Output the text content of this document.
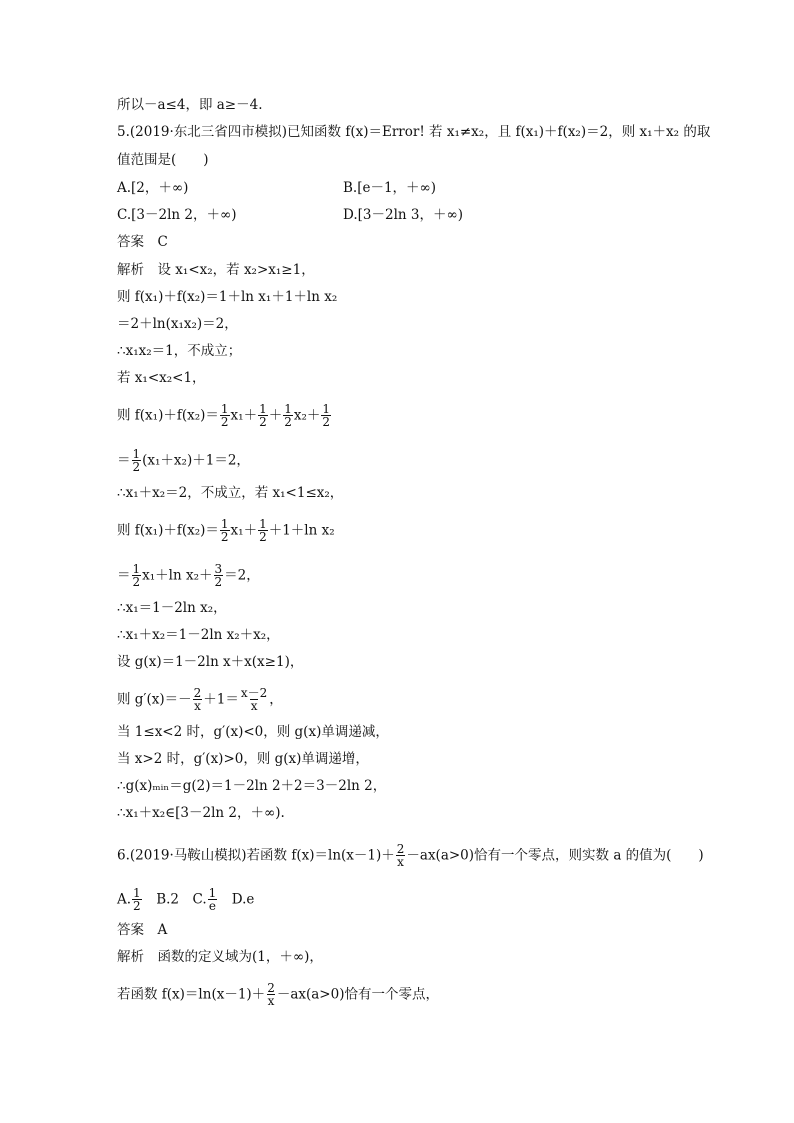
所以－a≤4，即 a≥－4.
5.(2019·东北三省四市模拟)已知函数 f(x)＝Error! 若 x₁≠x₂，且 f(x₁)＋f(x₂)＝2，则 x₁＋x₂ 的取
值范围是(　　)
A.[2，＋∞)	B.[e－1，＋∞)
C.[3－2ln 2，＋∞)	D.[3－2ln 3，＋∞)
答案　C
解析　设 x₁<x₂，若 x₂>x₁≥1，
则 f(x₁)＋f(x₂)＝1＋ln x₁＋1＋ln x₂
＝2＋ln(x₁x₂)＝2，
∴x₁x₂＝1，不成立；
若 x₁<x₂<1，
则 $f(x_1)+f(x_2)= \frac{1}{2} x_1+ \frac{1}{2} + \frac{1}{2} x_2+ \frac{1}{2}$
＝ $\frac{1}{2} (x_1+x_2)+1=2$，
∴x₁＋x₂＝2，不成立，若 x₁<1≤x₂，
则 $f(x_1)+f(x_2)= \frac{1}{2} x_1+ \frac{1}{2} +1+\ln$ x₂
＝ $\frac{1}{2} x_1+\ln$ $x_2+ \frac{3}{2} =2$，
∴x₁＝1－2ln x₂，
∴x₁＋x₂＝1－2ln x₂＋x₂，
设 g(x)＝1－2ln x＋x(x≥1)，
则 $g'(x)=- \frac{2}{x} +1= \frac{x-2}{x}$ ，
当 1≤x<2 时，g′(x)<0，则 g(x)单调递减，
当 x>2 时，g′(x)>0，则 g(x)单调递增，
∴g(x)ₘᵢₙ＝g(2)＝1－2ln 2＋2＝3－2ln 2，
∴x₁＋x₂∈[3－2ln 2，＋∞).
6.(2019·马鞍山模拟)若函数 $f(x)=\ln(x-1)+ \frac{2}{x} -ax(a>0)$恰有一个零点，则实数 a 的值为(　　)
A. $\frac{1}{2}$
　 B.2　C. $\frac{1}{e}$
　 D.e
答案　A
解析　函数的定义域为(1，＋∞)，
若函数 $f(x)=\ln(x-1)+ \frac{2}{x} -ax(a>0)$恰有一个零点，
